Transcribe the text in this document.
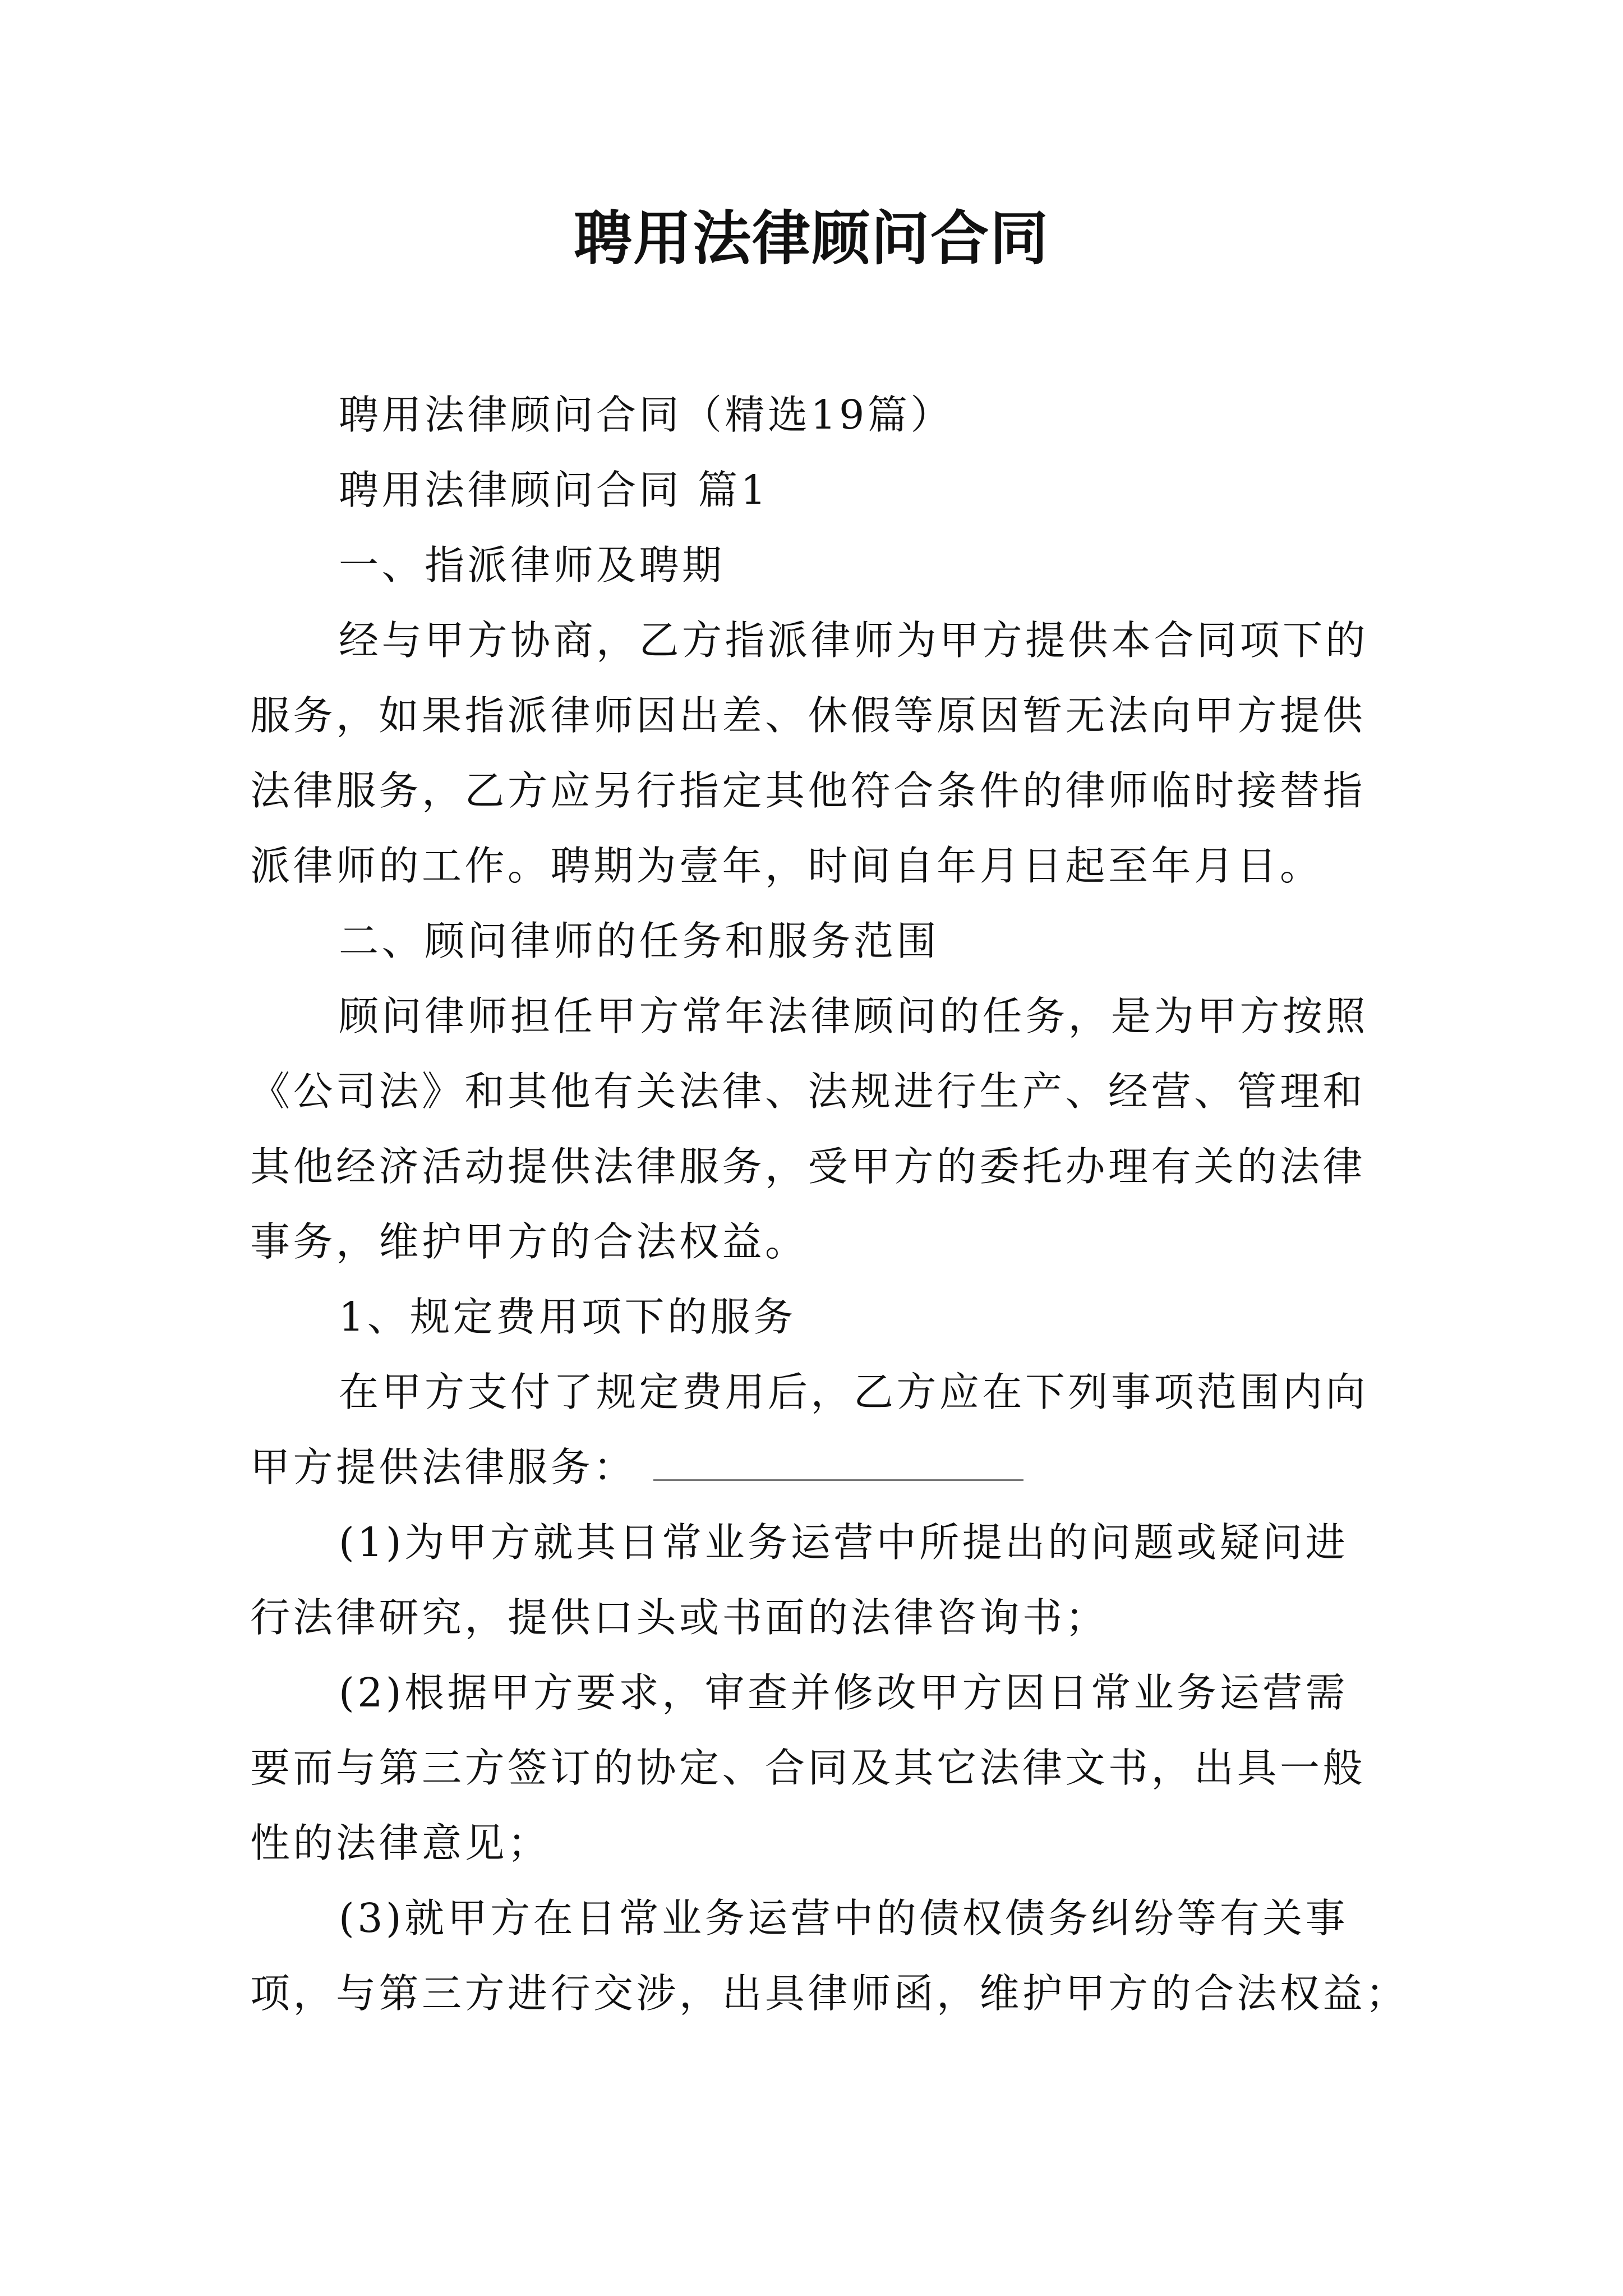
聘用法律顾问合同
聘用法律顾问合同（精选19篇）
聘用法律顾问合同 篇1
一、指派律师及聘期
经与甲方协商，乙方指派律师为甲方提供本合同项下的
服务，如果指派律师因出差、休假等原因暂无法向甲方提供
法律服务，乙方应另行指定其他符合条件的律师临时接替指
派律师的工作。聘期为壹年，时间自年月日起至年月日。
二、顾问律师的任务和服务范围
顾问律师担任甲方常年法律顾问的任务，是为甲方按照
《公司法》和其他有关法律、法规进行生产、经营、管理和
其他经济活动提供法律服务，受甲方的委托办理有关的法律
事务，维护甲方的合法权益。
1、规定费用项下的服务
在甲方支付了规定费用后，乙方应在下列事项范围内向
甲方提供法律服务：
(1)为甲方就其日常业务运营中所提出的问题或疑问进
行法律研究，提供口头或书面的法律咨询书；
(2)根据甲方要求，审查并修改甲方因日常业务运营需
要而与第三方签订的协定、合同及其它法律文书，出具一般
性的法律意见；
(3)就甲方在日常业务运营中的债权债务纠纷等有关事
项，与第三方进行交涉，出具律师函，维护甲方的合法权益；
